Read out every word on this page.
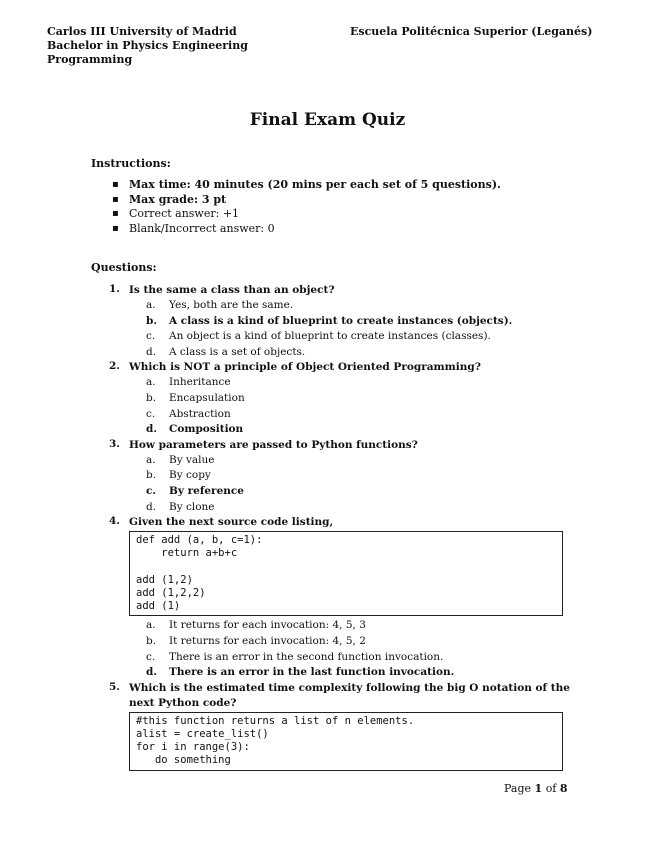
Carlos III University of Madrid
Bachelor in Physics Engineering
Programming
Escuela Politécnica Superior (Leganés)
Final Exam Quiz
Instructions:
▪ Max time: 40 minutes (20 mins per each set of 5 questions).
▪ Max grade: 3 pt
▪ Correct answer: +1
▪ Blank/Incorrect answer: 0
Questions:
1. Is the same a class than an object?
a. Yes, both are the same.
b. A class is a kind of blueprint to create instances (objects).
c. An object is a kind of blueprint to create instances (classes).
d. A class is a set of objects.
2. Which is NOT a principle of Object Oriented Programming?
a. Inheritance
b. Encapsulation
c. Abstraction
d. Composition
3. How parameters are passed to Python functions?
a. By value
b. By copy
c. By reference
d. By clone
4. Given the next source code listing,
def add (a, b, c=1):
return a+b+c

add (1,2)
add (1,2,2)
add (1)
a. It returns for each invocation: 4, 5, 3
b. It returns for each invocation: 4, 5, 2
c. There is an error in the second function invocation.
d. There is an error in the last function invocation.
5. Which is the estimated time complexity following the big O notation of the next Python code?
#this function returns a list of n elements.
alist = create_list()
for i in range(3):
do something
Page 1 of 8
